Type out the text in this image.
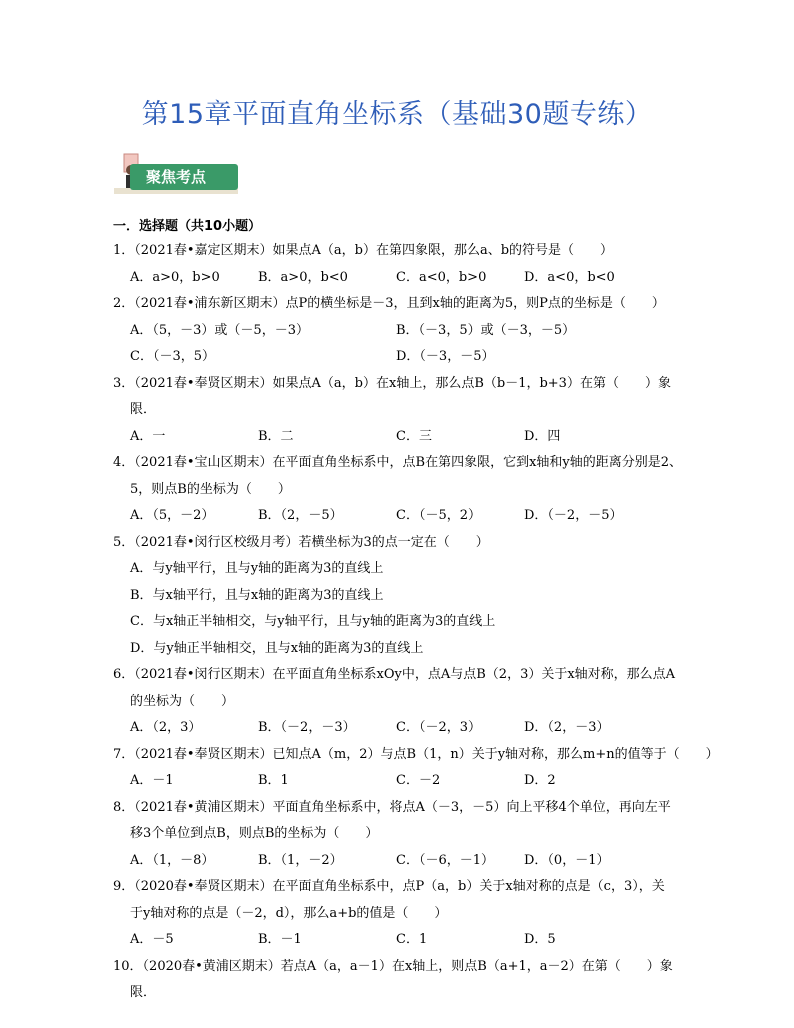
第15章平面直角坐标系（基础30题专练）
聚焦考点
一．选择题（共10小题）
1．（2021春•嘉定区期末）如果点A（a，b）在第四象限，那么a、b的符号是（　　）
A．a>0，b>0	B．a>0，b<0	C．a<0，b>0	D．a<0，b<0
2．（2021春•浦东新区期末）点P的横坐标是－3，且到x轴的距离为5，则P点的坐标是（　　）
A．（5，－3）或（－5，－3）	B．（－3，5）或（－3，－5）
C．（－3，5）	D．（－3，－5）
3．（2021春•奉贤区期末）如果点A（a，b）在x轴上，那么点B（b－1，b+3）在第（　　）象
限．
A．一	B．二	C．三	D．四
4．（2021春•宝山区期末）在平面直角坐标系中，点B在第四象限，它到x轴和y轴的距离分别是2、
5，则点B的坐标为（　　）
A．（5，－2）	B．（2，－5）	C．（－5，2）	D．（－2，－5）
5．（2021春•闵行区校级月考）若横坐标为3的点一定在（　　）
A．与y轴平行，且与y轴的距离为3的直线上
B．与x轴平行，且与x轴的距离为3的直线上
C．与x轴正半轴相交，与y轴平行，且与y轴的距离为3的直线上
D．与y轴正半轴相交，且与x轴的距离为3的直线上
6．（2021春•闵行区期末）在平面直角坐标系xOy中，点A与点B（2，3）关于x轴对称，那么点A
的坐标为（　　）
A．（2，3）	B．（－2，－3）	C．（－2，3）	D．（2，－3）
7．（2021春•奉贤区期末）已知点A（m，2）与点B（1，n）关于y轴对称，那么m+n的值等于（　　）
A．－1	B．1	C．－2	D．2
8．（2021春•黄浦区期末）平面直角坐标系中，将点A（－3，－5）向上平移4个单位，再向左平
移3个单位到点B，则点B的坐标为（　　）
A．（1，－8）	B．（1，－2）	C．（－6，－1） D．（0，－1）
9．（2020春•奉贤区期末）在平面直角坐标系中，点P（a，b）关于x轴对称的点是（c，3），关
于y轴对称的点是（－2，d），那么a+b的值是（　　）
A．－5	B．－1	C．1	D．5
10．（2020春•黄浦区期末）若点A（a，a－1）在x轴上，则点B（a+1，a－2）在第（　　）象
限．
